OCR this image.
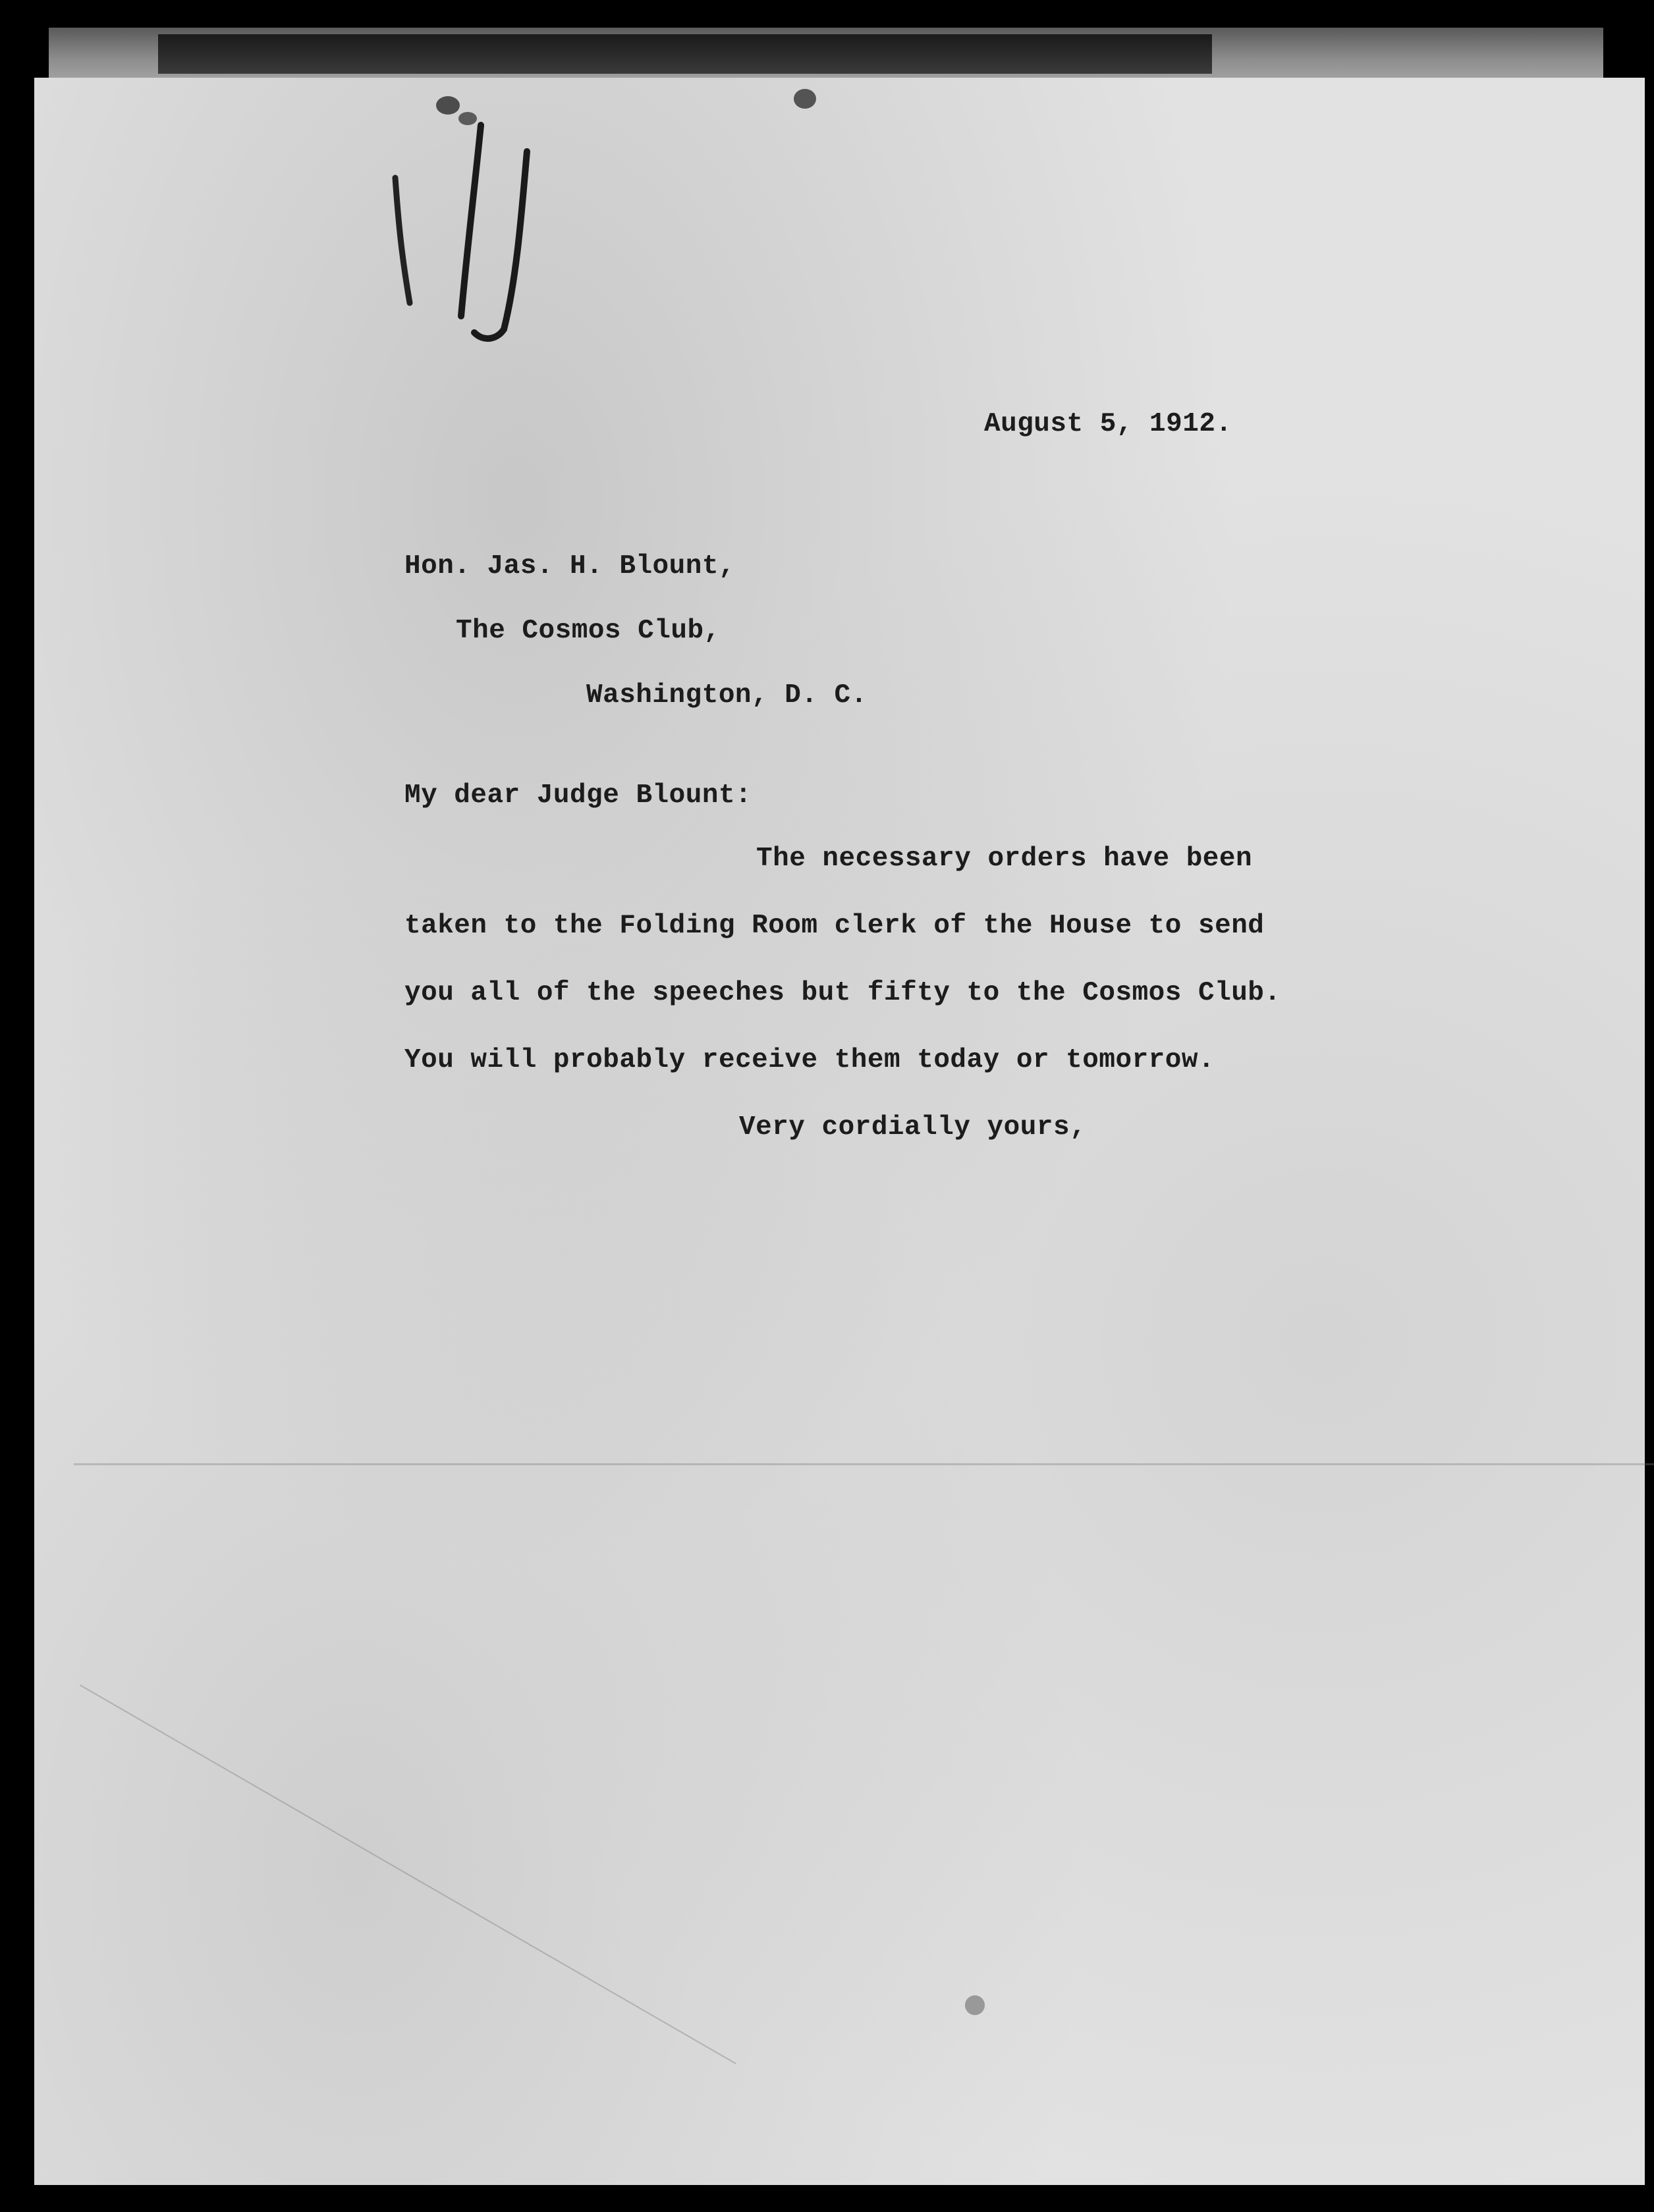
August 5, 1912.

Hon. Jas. H. Blount,

The Cosmos Club,

Washington, D. C.

My dear Judge Blount:

The necessary orders have been

taken to the Folding Room clerk of the House to send

you all of the speeches but fifty to the Cosmos Club.

You will probably receive them today or tomorrow.

Very cordially yours,
